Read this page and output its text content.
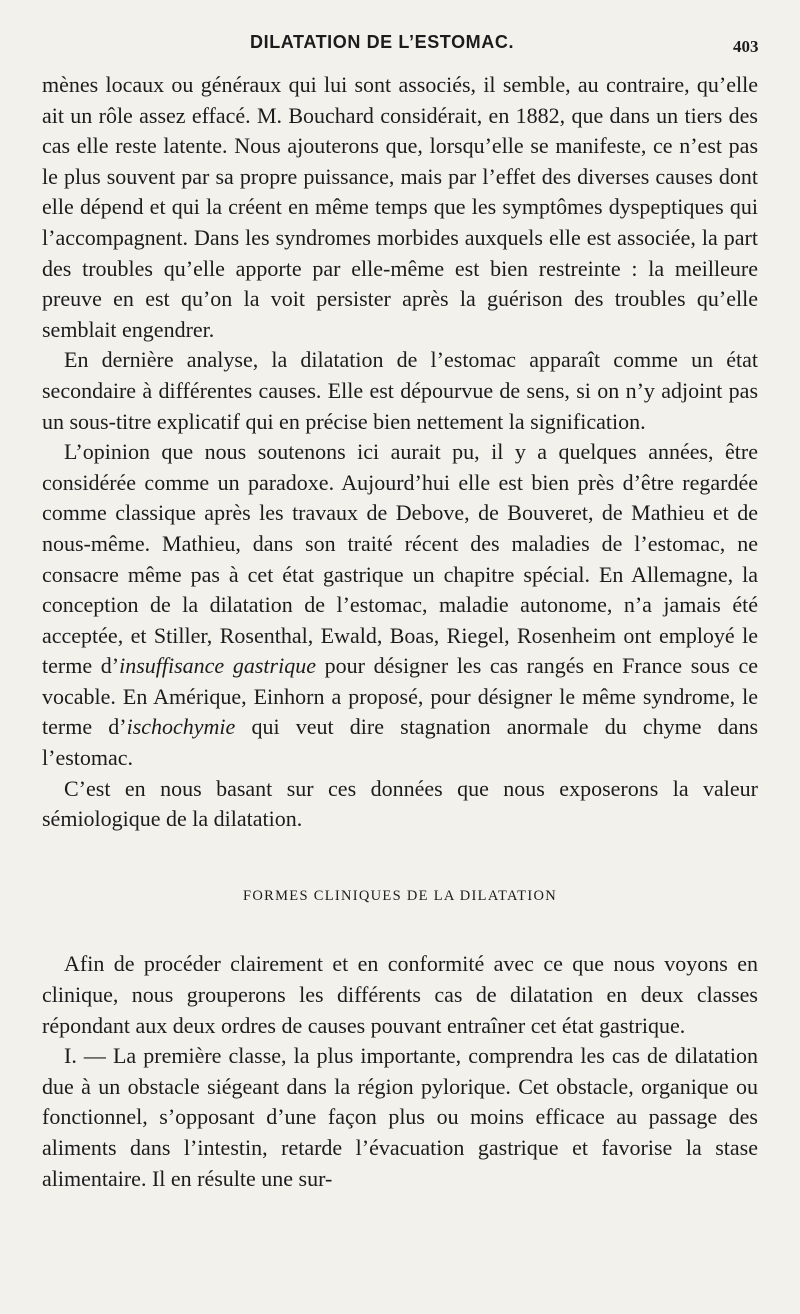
DILATATION DE L’ESTOMAC.	403

mènes locaux ou généraux qui lui sont associés, il semble, au contraire, qu’elle ait un rôle assez effacé. M. Bouchard considérait, en 1882, que dans un tiers des cas elle reste latente. Nous ajouterons que, lorsqu’elle se manifeste, ce n’est pas le plus souvent par sa propre puissance, mais par l’effet des diverses causes dont elle dépend et qui la créent en même temps que les symptômes dyspeptiques qui l’accompagnent. Dans les syndromes morbides auxquels elle est associée, la part des troubles qu’elle apporte par elle-même est bien restreinte : la meilleure preuve en est qu’on la voit persister après la guérison des troubles qu’elle semblait engendrer.

En dernière analyse, la dilatation de l’estomac apparaît comme un état secondaire à différentes causes. Elle est dépourvue de sens, si on n’y adjoint pas un sous-titre explicatif qui en précise bien nettement la signification.

L’opinion que nous soutenons ici aurait pu, il y a quelques années, être considérée comme un paradoxe. Aujourd’hui elle est bien près d’être regardée comme classique après les travaux de Debove, de Bouveret, de Mathieu et de nous-même. Mathieu, dans son traité récent des maladies de l’estomac, ne consacre même pas à cet état gastrique un chapitre spécial. En Allemagne, la conception de la dilatation de l’estomac, maladie autonome, n’a jamais été acceptée, et Stiller, Rosenthal, Ewald, Boas, Riegel, Rosenheim ont employé le terme d’insuffisance gastrique pour désigner les cas rangés en France sous ce vocable. En Amérique, Einhorn a proposé, pour désigner le même syndrome, le terme d’ischochymie qui veut dire stagnation anormale du chyme dans l’estomac.

C’est en nous basant sur ces données que nous exposerons la valeur sémiologique de la dilatation.

FORMES CLINIQUES DE LA DILATATION

Afin de procéder clairement et en conformité avec ce que nous voyons en clinique, nous grouperons les différents cas de dilatation en deux classes répondant aux deux ordres de causes pouvant entraîner cet état gastrique.

I. — La première classe, la plus importante, comprendra les cas de dilatation due à un obstacle siégeant dans la région pylorique. Cet obstacle, organique ou fonctionnel, s’opposant d’une façon plus ou moins efficace au passage des aliments dans l’intestin, retarde l’évacuation gastrique et favorise la stase alimentaire. Il en résulte une sur-
